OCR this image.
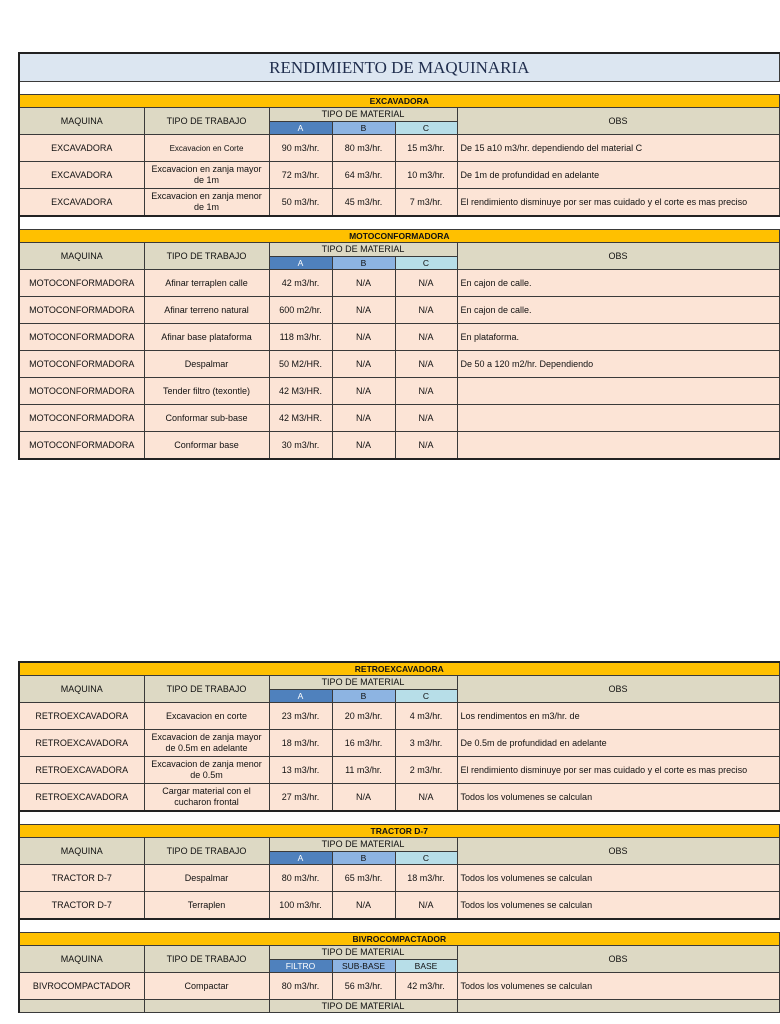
RENDIMIENTO DE MAQUINARIA					

EXCAVADORA					
MAQUINA	TIPO DE TRABAJO	TIPO DE MATERIAL			OBS
		A	B	C	
EXCAVADORA	Excavacion en Corte	90 m3/hr.	80 m3/hr.	15 m3/hr.	De 15 a10 m3/hr. dependiendo del material C
EXCAVADORA	Excavacion en zanja mayor de 1m	72 m3/hr.	64 m3/hr.	10 m3/hr.	De 1m de profundidad en adelante
EXCAVADORA	Excavacion en zanja menor de 1m	50 m3/hr.	45 m3/hr.	7 m3/hr.	El rendimiento disminuye por ser mas cuidado y el corte es mas preciso

MOTOCONFORMADORA					
MAQUINA	TIPO DE TRABAJO	TIPO DE MATERIAL			OBS
		A	B	C	
MOTOCONFORMADORA	Afinar terraplen calle	42 m3/hr.	N/A	N/A	En cajon de calle.
MOTOCONFORMADORA	Afinar terreno natural	600 m2/hr.	N/A	N/A	En cajon de calle.
MOTOCONFORMADORA	Afinar base plataforma	118 m3/hr.	N/A	N/A	En plataforma.
MOTOCONFORMADORA	Despalmar	50 M2/HR.	N/A	N/A	De 50 a 120 m2/hr. Dependiendo
MOTOCONFORMADORA	Tender filtro (texontle)	42 M3/HR.	N/A	N/A	
MOTOCONFORMADORA	Conformar sub-base	42 M3/HR.	N/A	N/A	
MOTOCONFORMADORA	Conformar base	30 m3/hr.	N/A	N/A	
RETROEXCAVADORA					
MAQUINA	TIPO DE TRABAJO	TIPO DE MATERIAL			OBS
		A	B	C	
RETROEXCAVADORA	Excavacion en corte	23 m3/hr.	20 m3/hr.	4 m3/hr.	Los rendimentos en m3/hr. de
RETROEXCAVADORA	Excavacion de zanja mayor de 0.5m en adelante	18 m3/hr.	16 m3/hr.	3 m3/hr.	De 0.5m de profundidad en adelante
RETROEXCAVADORA	Excavacion de zanja menor de 0.5m	13 m3/hr.	11 m3/hr.	2 m3/hr.	El rendimiento disminuye por ser mas cuidado y el corte es mas preciso
RETROEXCAVADORA	Cargar material con el cucharon frontal	27 m3/hr.	N/A	N/A	Todos los volumenes se calculan

TRACTOR D-7					
MAQUINA	TIPO DE TRABAJO	TIPO DE MATERIAL			OBS
		A	B	C	
TRACTOR D-7	Despalmar	80 m3/hr.	65 m3/hr.	18 m3/hr.	Todos los volumenes se calculan
TRACTOR D-7	Terraplen	100 m3/hr.	N/A	N/A	Todos los volumenes se calculan

BIVROCOMPACTADOR					
MAQUINA	TIPO DE TRABAJO	TIPO DE MATERIAL			OBS
		FILTRO	SUB-BASE	BASE	
BIVROCOMPACTADOR	Compactar	80 m3/hr.	56 m3/hr.	42 m3/hr.	Todos los volumenes se calculan
		TIPO DE MATERIAL			
